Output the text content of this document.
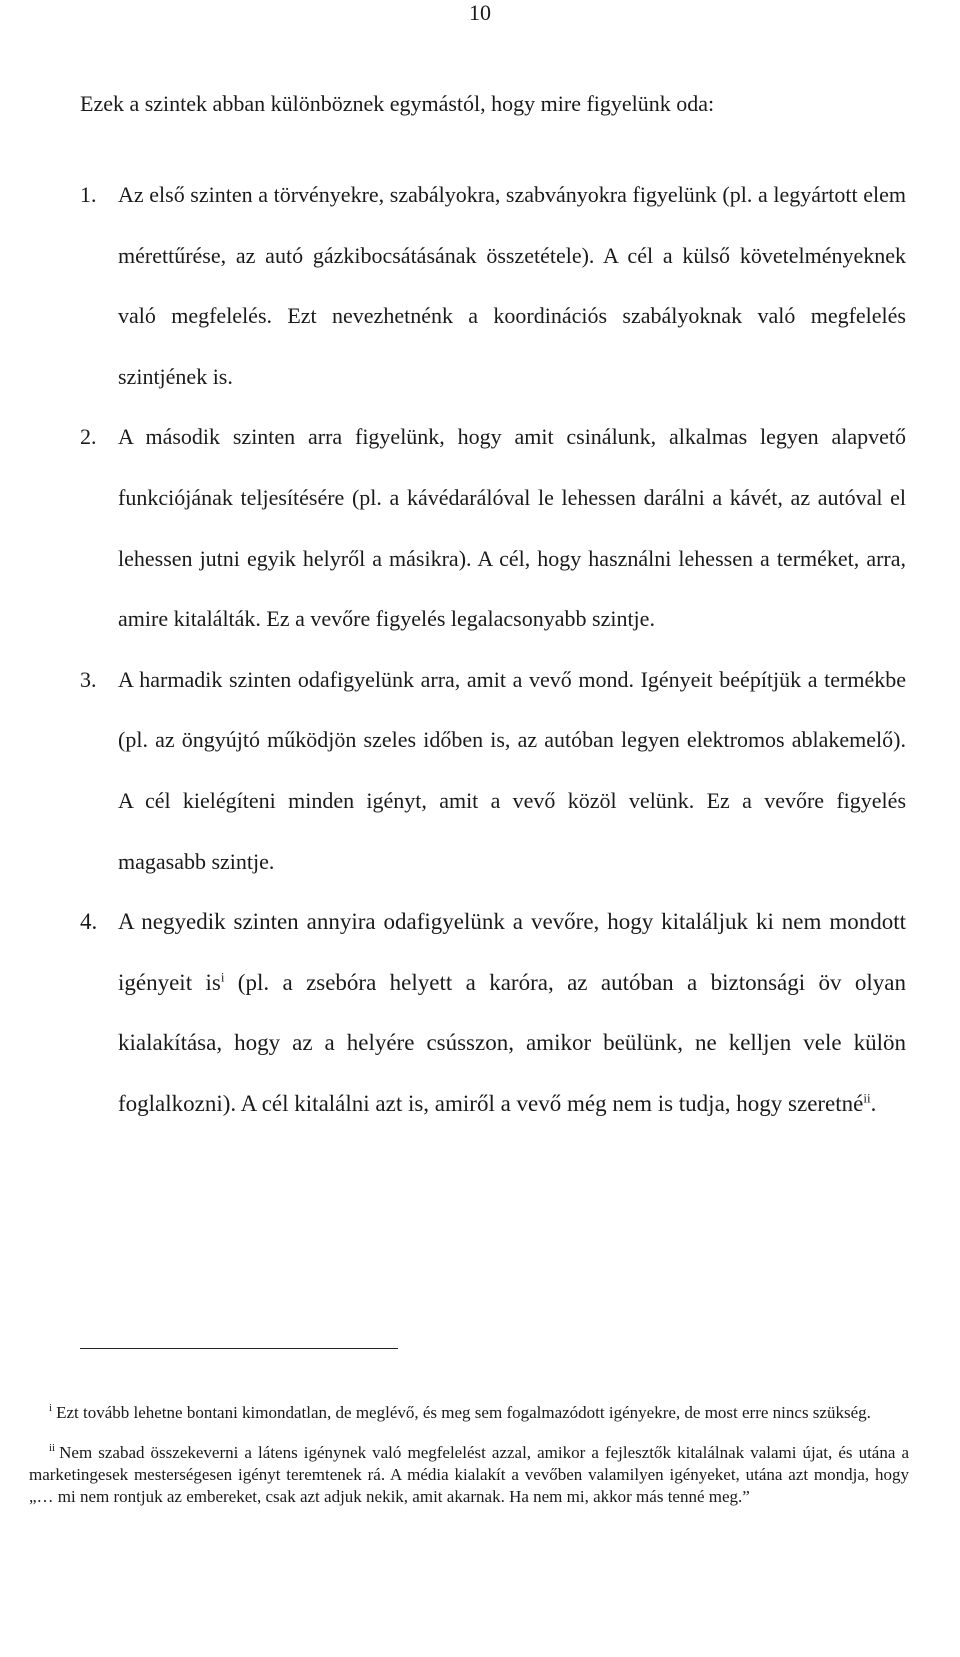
10
Ezek a szintek abban különböznek egymástól, hogy mire figyelünk oda:
1. Az első szinten a törvényekre, szabályokra, szabványokra figyelünk (pl. a legyártott elem mérettűrése, az autó gázkibocsátásának összetétele). A cél a külső követelményeknek való megfelelés. Ezt nevezhetnénk a koordinációs szabályoknak való megfelelés szintjének is.
2. A második szinten arra figyelünk, hogy amit csinálunk, alkalmas legyen alapvető funkciójának teljesítésére (pl. a kávédarálóval le lehessen darálni a kávét, az autóval el lehessen jutni egyik helyről a másikra). A cél, hogy használni lehessen a terméket, arra, amire kitalálták. Ez a vevőre figyelés legalacsonyabb szintje.
3. A harmadik szinten odafigyelünk arra, amit a vevő mond. Igényeit beépítjük a termékbe (pl. az öngyújtó működjön szeles időben is, az autóban legyen elektromos ablakemelő). A cél kielégíteni minden igényt, amit a vevő közöl velünk. Ez a vevőre figyelés magasabb szintje.
4. A negyedik szinten annyira odafigyelünk a vevőre, hogy kitaláljuk ki nem mondott igényeit is$^i$ (pl. a zsebóra helyett a karóra, az autóban a biztonsági öv olyan kialakítása, hogy az a helyére csússzon, amikor beülünk, ne kelljen vele külön foglalkozni). A cél kitalálni azt is, amiről a vevő még nem is tudja, hogy szeretné$^{ii}$.

$^i$ Ezt tovább lehetne bontani kimondatlan, de meglévő, és meg sem fogalmazódott igényekre, de most erre nincs szükség.

$^{ii}$ Nem szabad összekeverni a látens igénynek való megfelelést azzal, amikor a fejlesztők kitalálnak valami újat, és utána a marketingesek mesterségesen igényt teremtenek rá. A média kialakít a vevőben valamilyen igényeket, utána azt mondja, hogy „… mi nem rontjuk az embereket, csak azt adjuk nekik, amit akarnak. Ha nem mi, akkor más tenné meg.”
